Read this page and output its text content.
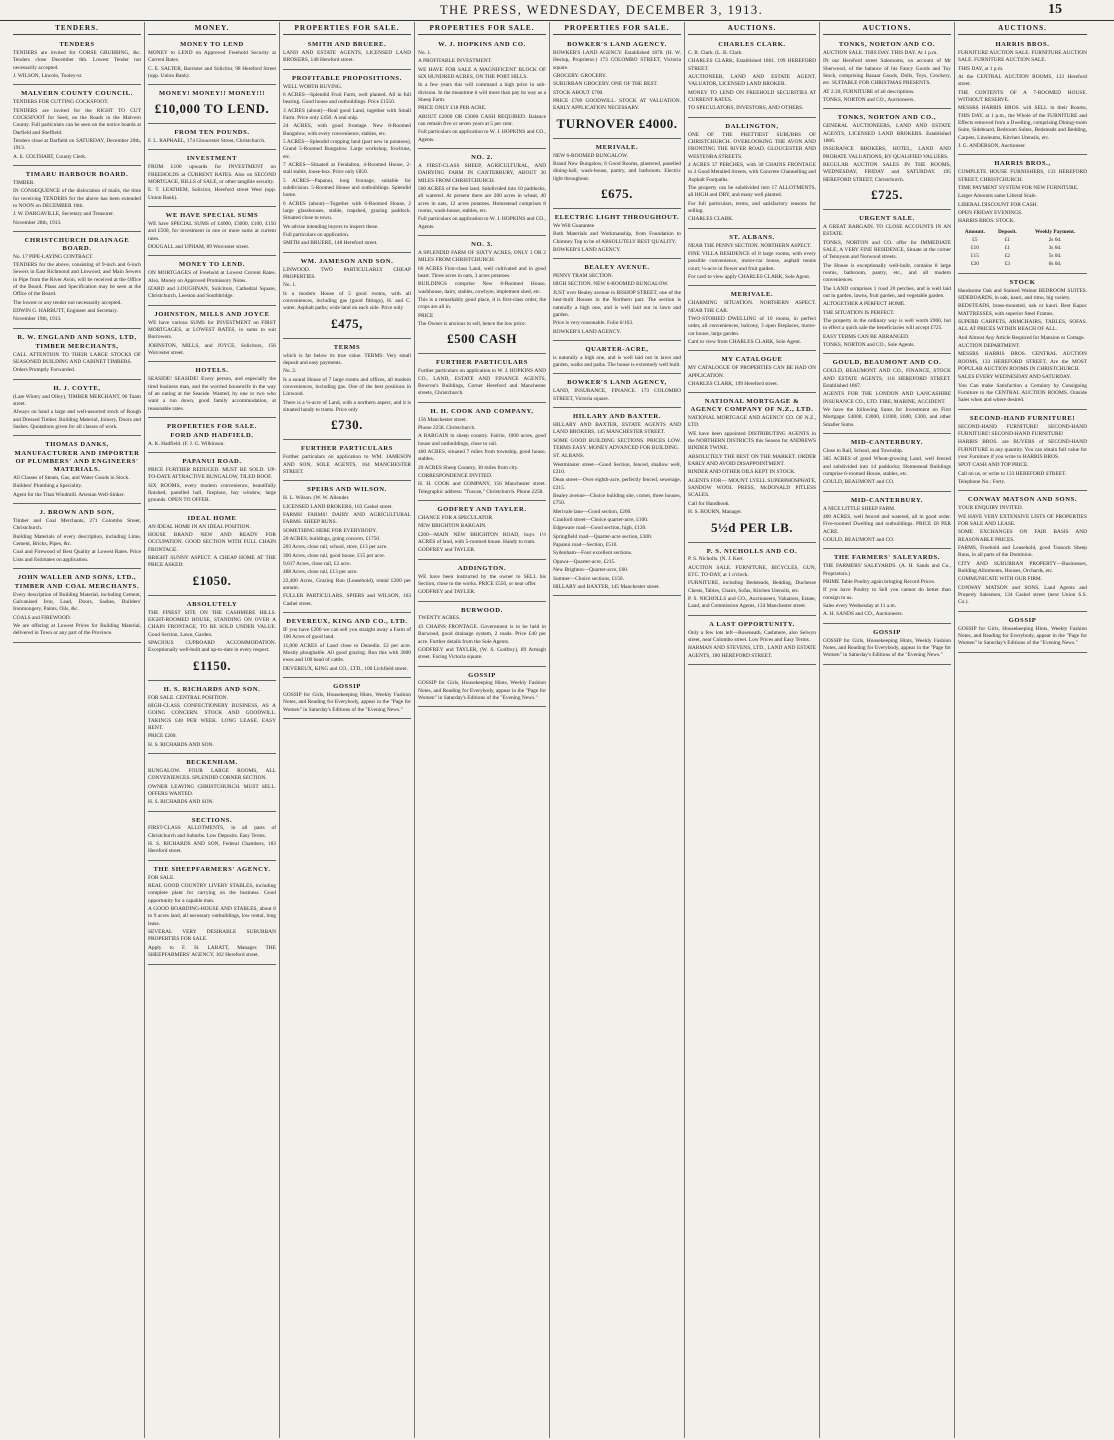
THE PRESS, WEDNESDAY, DECEMBER 3, 1913.	15
TENDERS.
TENDERS

TENDERS are invited for GORSE GRUBBING, &c. Tenders close December 8th. Lowest Tender not necessarily accepted.

J. WILSON, Lincoln, Tooley-st.

MALVERN COUNTY COUNCIL.

TENDERS FOR CUTTING COCKSFOOT.

TENDERS are invited for the RIGHT TO CUT COCKSFOOT for Seed, on the Roads in the Malvern County. Full particulars can be seen on the notice boards at Darfield and Sheffield.

Tenders close at Darfield on SATURDAY, December 20th, 1913.

A. E. COLTHART, County Clerk.

TIMARU HARBOUR BOARD.

TIMBER.

IN CONSEQUENCE of the dislocation of mails, the time for receiving TENDERS for the above has been extended to NOON on DECEMBER 10th.

J. W. DARGAVILLE, Secretary and Treasurer.

November 28th, 1913.

CHRISTCHURCH DRAINAGE BOARD.

No. 17 PIPE-LAYING CONTRACT.

TENDERS for the above, consisting of 9-inch and 6-inch Sewers in East Richmond and Linwood, and Main Sewers in Pipe from the River Avon, will be received at the Office of the Board. Plans and Specification may be seen at the Office of the Board.

The lowest or any tender not necessarily accepted.

EDWIN G. HARBUTT, Engineer and Secretary.

November 19th, 1913.

R. W. ENGLAND AND SONS, LTD,
TIMBER MERCHANTS,

CALL ATTENTION TO THEIR LARGE STOCKS OF SEASONED BUILDING AND CABINET TIMBERS.

Orders Promptly Forwarded.

H. J. COYTE,

(Late Wintry and Olley), TIMBER MERCHANT, 96 Tuam street.

Always on hand a large and well-assorted stock of Rough and Dressed Timber. Building Material, Joinery, Doors and Sashes. Quotations given for all classes of work.

THOMAS DANKS,
MANUFACTURER AND IMPORTER OF PLUMBERS' AND ENGINEERS' MATERIALS.

All Classes of Steam, Gas, and Water Goods in Stock.

Builders' Plumbing a Speciality.

Agent for the Titan Windmill. Artesian Well-Sinker.

J. BROWN AND SON,

Timber and Coal Merchants, 271 Colombo Street, Christchurch.

Building Materials of every description, including Lime, Cement, Bricks, Pipes, &c.

Coal and Firewood of Best Quality at Lowest Rates. Price Lists and Estimates on application.

JOHN WALLER AND SONS, LTD.,
TIMBER AND COAL MERCHANTS.

Every description of Building Material, including Cement, Galvanised Iron, Lead, Doors, Sashes, Builders' Ironmongery, Paints, Oils, &c.

COALS and FIREWOOD.

We are offering at Lowest Prices for Building Material, delivered in Town or any part of the Province.

MONEY.
MONEY TO LEND

MONEY to LEND on Approved Freehold Security at Current Rates.

C. E. SALTER, Barrister and Solicitor, 98 Hereford Street (opp. Union Bank).

MONEY! MONEY!! MONEY!!!
£10,000 TO LEND.
FROM TEN POUNDS.

F. L. RAPHAEL, 174 Gloucester Street, Christchurch.

INVESTMENT

FROM £100 upwards for INVESTMENT on FREEHOLDS at CURRENT RATES. Also on SECOND MORTGAGE, BILLS of SALE, or other tangible security.

E. T. LEATHEM, Solicitor, Hereford street West (opp. Union Bank).

WE HAVE SPECIAL SUMS

WE have SPECIAL SUMS of £4000, £3000, £100, £150 and £500, for investment in one or more sums at current rates.

DOUGALL and UPHAM, 89 Worcester street.

MONEY TO LEND.

ON MORTGAGES of Freehold at Lowest Current Rates. Also, Money on Approved Promissory Notes.

IZARD and LOUGHNAN, Solicitors, Cathedral Square, Christchurch, Leeston and Southbridge.

JOHNSTON, MILLS AND JOYCE

WE have various SUMS for INVESTMENT on FIRST MORTGAGES, at LOWEST RATES, in sums to suit Borrowers.

JOHNSTON, MILLS, and JOYCE, Solicitors, 156 Worcester street.

HOTELS.

SEASIDE! SEASIDE! Every person, and especially the tired business man, and the worried housewife in the way of an outing at the Seaside. Wanted, by one or two who want a run down, good family accommodation, at reasonable rates.

PROPERTIES FOR SALE.
FORD AND HADFIELD.

A. K. Hadfield. (F. J. G. Wilkinson.

PAPANUI ROAD.

PRICE FURTHER REDUCED. MUST BE SOLD. UP-TO-DATE ATTRACTIVE BUNGALOW, TILED ROOF.

SIX ROOMS, every modern convenience, beautifully finished, panelled hall, fireplace, bay window, large grounds. OPEN TO OFFER.

IDEAL HOME

AN IDEAL HOME IN AN IDEAL POSITION.

HOUSE BRAND NEW AND READY FOR OCCUPATION. GOOD SECTION WITH FULL CHAIN FRONTAGE.

BRIGHT SUNNY ASPECT. A CHEAP HOME AT THE PRICE ASKED:

£1050.
ABSOLUTELY

THE FINEST SITE ON THE CASHMERE HILLS. EIGHT-ROOMED HOUSE, STANDING ON OVER A CHAIN FRONTAGE, TO BE SOLD UNDER VALUE. Good Section, Lawn, Garden.

SPACIOUS CUPBOARD ACCOMMODATION. Exceptionally well-built and up-to-date in every respect.

£1150.
H. S. RICHARDS AND SON.

FOR SALE. CENTRAL POSITION.

HIGH-CLASS CONFECTIONERY BUSINESS, AS A GOING CONCERN. STOCK AND GOODWILL. TAKINGS £40 PER WEEK. LONG LEASE. EASY RENT.

PRICE £200.

H. S. RICHARDS AND SON.

BECKENHAM.

BUNGALOW. FOUR LARGE ROOMS, ALL CONVENIENCES. SPLENDID CORNER SECTION.

OWNER LEAVING CHRISTCHURCH. MUST SELL. OFFERS WANTED.

H. S. RICHARDS AND SON.

SECTIONS.

FIRST-CLASS ALLOTMENTS, in all parts of Christchurch and Suburbs. Low Deposits. Easy Terms.

H. S. RICHARDS AND SON, Federal Chambers, 183 Hereford street.

THE SHEEPFARMERS' AGENCY.

FOR SALE.

REAL GOOD COUNTRY LIVERY STABLES, including complete plant for carrying on the business. Good opportunity for a capable man.

A GOOD BOARDING-HOUSE AND STABLES, about 8 to 9 acres land, all necessary outbuildings, low rental, long lease.

SEVERAL VERY DESIRABLE SUBURBAN PROPERTIES FOR SALE.

Apply to F. H. LABATT, Manager. THE SHEEPFARMERS' AGENCY, 102 Hereford street.

PROPERTIES FOR SALE.
SMITH AND BRUERE.

LAND AND ESTATE AGENTS, LICENSED LAND BROKERS, 148 Hereford street.

PROFITABLE PROPOSITIONS.

WELL WORTH BUYING.

6 ACRES—Splendid Fruit Farm, well planted. All in full bearing. Good house and outbuildings. Price £1550.

3 ACRES (about)—Real good Land, together with Small Farm. Price only £450. A real snip.

24 ACRES, with good frontage. New 8-Roomed Bungalow, with every convenience, stables, etc.

5 ACRES—Splendid cropping land (part new in potatoes), Grand 5-Roomed Bungalow. Large workshop, fowlruns, etc.

7 ACRES—Situated at Fendalton, 4-Roomed House, 2-stall stable, loose-box. Price only £850.

5 ACRES—Papanui, long frontage, suitable for subdivision. 5-Roomed House and outbuildings. Splendid home.

6 ACRES (about)—Together with 6-Roomed House, 2 large glasshouses, stable, trapshed, grazing paddock. Situated close to town.

We advise intending buyers to inspect these.

Full particulars on application.

SMITH and BRUERE, 148 Hereford street.

WM. JAMESON AND SON.

LINWOOD. TWO PARTICULARLY CHEAP PROPERTIES.

No. 1.

Is a modern House of 5 good rooms, with all conveniences, including gas (good fittings), H. and C. water. Asphalt paths; wide land on each side. Price only

£475,
TERMS

which is far below its true value. TERMS: Very small deposit and easy payments.

No. 2.

Is a sound House of 7 large rooms and offices, all modern conveniences, including gas. One of the best positions in Linwood.

There is a ¼-acre of Land, with a northern aspect, and it is situated handy to trams. Price only

£730.
FURTHER PARTICULARS

Further particulars on application to WM. JAMESON AND SON, SOLE AGENTS, 164 MANCHESTER STREET.

SPEIRS AND WILSON.

H. L. Wilson. (W. W. Allender.

LICENSED LAND BROKERS, 163 Cashel street.

FARMS! FARMS! DAIRY AND AGRICULTURAL FARMS. SHEEP RUNS.

SOMETHING HERE FOR EVERYBODY.

20 ACRES, buildings, going concern, £1750.

203 Acres, close rail, school, store, £13 per acre.

300 Acres, close rail, good house, £15 per acre.

9,617 Acres, close rail, £2 acre.

488 Acres, close rail, £13 per acre.

22,400 Acres, Grazing Run (Leasehold), rental £200 per annum.

FULLER PARTICULARS, SPIERS and WILSON, 163 Cashel street.

DEVEREUX, KING AND CO., LTD.

IF you have £200 we can sell you straight away a Farm of 100 Acres of good land.

11,000 ACRES of Land close to Dunedin. £2 per acre. Mostly ploughable. All good grazing. Run this with 3000 ewes and 100 head of cattle.

DEVEREUX, KING and CO., LTD., 100 Lichfield street.

GOSSIP

GOSSIP for Girls, Housekeeping Hints, Weekly Fashion Notes, and Reading for Everybody, appear in the "Page for Women" in Saturday's Editions of the "Evening News."

PROPERTIES FOR SALE.
W. J. HOPKINS AND CO.

No. 1.

A PROFITABLE INVESTMENT.

WE HAVE FOR SALE A MAGNIFICENT BLOCK OF SIX HUNDRED ACRES, ON THE PORT HILLS.

In a few years this will command a high price in sub-division. In the meantime it will more than pay its way as a Sheep Farm.

PRICE ONLY £18 PER ACRE.

ABOUT £2000 OR £3000 CASH REQUIRED. Balance can remain five or seven years at 5 per cent.

Full particulars on application to W. J. HOPKINS and CO., Agents.

NO. 2.

A FIRST-CLASS SHEEP, AGRICULTURAL, AND DAIRYING FARM IN CANTERBURY, ABOUT 30 MILES FROM CHRISTCHURCH.

500 ACRES of the best land. Subdivided into 10 paddocks, all watered. At present there are 200 acres in wheat, 40 acres in oats, 12 acres potatoes. Homestead comprises 8 rooms, wash-house, stables, etc.

Full particulars on application to W. J. HOPKINS and CO., Agents.

NO. 3.

A SPLENDID FARM OF SIXTY ACRES, ONLY 1 OR 2 MILES FROM CHRISTCHURCH.

60 ACRES First-class Land, well cultivated and in good heart. Three acres in oats, 3 acres potatoes.

BUILDINGS comprise New 8-Roomed House, washhouse, dairy, stables, cowbyre, implement shed, etc.

This is a remarkably good place, it is first-class order, the crops are all in.

PRICE

The Owner is anxious to sell, hence the low price.

£500 CASH
FURTHER PARTICULARS

Further particulars on application to W. J. HOPKINS AND CO., LAND, ESTATE AND FINANCE AGENTS, Bowron's Buildings, Corner Hereford and Manchester streets, Christchurch.

H. H. COOK AND COMPANY,

156 Manchester street.

Phone 2258. Christchurch.

A BARGAIN in sheep country. Fairlie, 1000 acres, good house and outbuildings, close to rail.

400 ACRES, situated 7 miles from township, good house, stables.

20 ACRES Sheep Country, 30 miles from city.

CORRESPONDENCE INVITED.

H. H. COOK and COMPANY, 156 Manchester street. Telegraphic address: "Tuscan," Christchurch. Phone 2258.

GODFREY AND TAYLER.

CHANCE FOR A SPECULATOR.

NEW BRIGHTON BARGAIN.

£200—MAIN NEW BRIGHTON ROAD, buys 1½ ACRES of land, with 5-roomed house. Handy to tram.

GODFREY and TAYLER.

ADDINGTON.

WE have been instructed by the owner to SELL his Section, close to the works. PRICE £550, or near offer.

GODFREY and TAYLER.

BURWOOD.

TWENTY ACRES.

43 CHAINS FRONTAGE. Government is to be held in Burwood, good drainage system, 2 roads. Price £40 per acre. Further details from the Sole Agents.

GODFREY and TAYLER, (W. S. Godfrey), 89 Armagh street. Facing Victoria square.

GOSSIP

GOSSIP for Girls, Housekeeping Hints, Weekly Fashion Notes, and Reading for Everybody, appear in the "Page for Women" in Saturday's Editions of the "Evening News."

PROPERTIES FOR SALE.
BOWKER'S LAND AGENCY.

BOWKER'S LAND AGENCY. Established 1878. (H. W. Heslop, Proprietor.) 173 COLOMBO STREET, Victoria square.

GROCERY. GROCERY.

SUBURBAN GROCERY. ONE OF THE BEST.

STOCK ABOUT £700.

PRICE £700 GOODWILL. STOCK AT VALUATION. EARLY APPLICATION NECESSARY.

TURNOVER £4000.
MERIVALE.

NEW 6-ROOMED BUNGALOW.

Brand New Bungalow, 6 Good Rooms, plastered, panelled dining-hall, wash-house, pantry, and bathroom. Electric light throughout.

£675.
ELECTRIC LIGHT THROUGHOUT.

We Will Guarantee

Both Materials and Workmanship, from Foundation to Chimney Top to be of ABSOLUTELY BEST QUALITY.

BOWKER'S LAND AGENCY.

BEALEY AVENUE.

PENNY TRAM SECTION.

HIGH SECTION. NEW 6-ROOMED BUNGALOW.

JUST over Bealey avenue in BISHOP STREET, one of the best-built Houses in the Northern part. The section is naturally a high one, and is well laid out in lawn and garden.

Price is very reasonable. Folio 6/163.

BOWKER'S LAND AGENCY.

QUARTER-ACRE,

is naturally a high one, and is well laid out in lawn and garden, walks and paths. The house is extremely well built.

BOWKER'S LAND AGENCY,

LAND, INSURANCE, FINANCE. 173 COLOMBO STREET, Victoria square.

HILLARY AND BAXTER.

HILLARY AND BAXTER, ESTATE AGENTS AND LAND BROKERS, 145 MANCHESTER STREET.

SOME GOOD BUILDING SECTIONS. PRICES LOW. TERMS EASY. MONEY ADVANCED FOR BUILDING.

ST. ALBANS.

Westminster street—Good Section, fenced, shallow well, £210.

Dean street—Over eighth-acre, perfectly fenced, sewerage, £215.

Bealey avenue—Choice building site, corner, three houses, £750.

Merivale lane—Good section, £260.

Cranford street—Choice quarter-acre, £100.

Edgeware road—Good section, high, £120.

Springfield road—Quarter-acre section, £300.

Papanui road—Section, £510.

Sydenham—Four excellent sections.

Opawa—Quarter-acre, £215.

New Brighton—Quarter-acre, £60.

Sumner—Choice sections, £150.

HILLARY and BAXTER, 145 Manchester street.

AUCTIONS.
CHARLES CLARK.

C. R. Clark. (L. B. Clark.

CHARLES CLARK, Established 1861. 199 HEREFORD STREET.

AUCTIONEER, LAND AND ESTATE AGENT, VALUATOR, LICENSED LAND BROKER.

MONEY TO LEND ON FREEHOLD SECURITIES AT CURRENT RATES.

TO SPECULATORS, INVESTORS, AND OTHERS.

DALLINGTON,

ONE OF THE PRETTIEST SUBURBS OF CHRISTCHURCH. OVERLOOKING THE AVON AND FRONTING THE RIVER ROAD, GLOUCESTER AND WESTENRA STREETS.

4 ACRES 37 PERCHES, with 30 CHAINS FRONTAGE to 3 Good Metalled Streets, with Concrete Channelling and Asphalt Footpaths.

The property can be subdivided into 17 ALLOTMENTS, all HIGH and DRY, and many well planted.

For full particulars, terms, and satisfactory reasons for selling.

CHARLES CLARK.

ST. ALBANS.

NEAR THE PENNY SECTION. NORTHERN ASPECT.

FINE VILLA RESIDENCE of 8 large rooms, with every possible convenience, motor-car house, asphalt tennis court; ¼-acre in flower and fruit garden.

For card to view apply CHARLES CLARK, Sole Agent.

MERIVALE.

CHARMING SITUATION. NORTHERN ASPECT. NEAR THE CAR.

TWO-STORIED DWELLING of 10 rooms, in perfect order, all conveniences, balcony, 3 open fireplaces, motor-car house, large garden.

Card to view from CHARLES CLARK, Sole Agent.

MY CATALOGUE

MY CATALOGUE OF PROPERTIES CAN BE HAD ON APPLICATION.

CHARLES CLARK, 199 Hereford street.

NATIONAL MORTGAGE & AGENCY COMPANY OF N.Z., LTD.

NATIONAL MORTGAGE AND AGENCY CO. OF N.Z., LTD.

WE have been appointed DISTRIBUTING AGENTS in the NORTHERN DISTRICTS this Season for ANDREWS BINDER TWINE.

ABSOLUTELY THE BEST ON THE MARKET. ORDER EARLY AND AVOID DISAPPOINTMENT.

BINDER AND OTHER OILS KEPT IN STOCK.

AGENTS FOR— MOUNT LYELL SUPERPHOSPHATE, SANDOW WOOL PRESS, McDONALD PITLESS SCALES.

Call for Handbook.

H. S. BOURN, Manager.

5½d PER LB.
P. S. NICHOLLS AND CO.

P. S. Nicholls. (N. J. Kerr.

AUCTION SALE. FURNITURE, BICYCLES, GUN, ETC. TO-DAY, at 1 o'clock.

FURNITURE, including Bedsteads, Bedding, Duchesse Chests, Tables, Chairs, Sofas, Kitchen Utensils, etc.

P. S. NICHOLLS and CO., Auctioneers, Valuators, Estate, Land, and Commission Agents, 134 Manchester street.

A LAST OPPORTUNITY.

Only a few lots left—Roseneath, Cashmere, also Selwyn street, near Colombo street. Low Prices and Easy Terms.

HARMAN AND STEVENS, LTD., LAND AND ESTATE AGENTS, 180 HEREFORD STREET.

AUCTIONS.
TONKS, NORTON AND CO.

AUCTION SALE. THIS DAY. THIS DAY. At 1 p.m.

IN our Hereford street Salerooms, on account of Mr Sherwood, of the balance of his Fancy Goods and Toy Stock, comprising Bazaar Goods, Dolls, Toys, Crockery, etc. SUITABLE FOR CHRISTMAS PRESENTS.

AT 2.30, FURNITURE of all descriptions.

TONKS, NORTON and CO., Auctioneers.

TONKS, NORTON AND CO.,

GENERAL AUCTIONEERS, LAND AND ESTATE AGENTS, LICENSED LAND BROKERS. Established 1866.

INSURANCE BROKERS, HOTEL, LAND AND PROBATE VALUATIONS, BY QUALIFIED VALUERS.

REGULAR AUCTION SALES IN THE ROOMS, WEDNESDAY, FRIDAY and SATURDAY. 195 HEREFORD STREET, Christchurch.

£725.
URGENT SALE.

A GREAT BARGAIN. TO CLOSE ACCOUNTS IN AN ESTATE.

TONKS, NORTON and CO. offer for IMMEDIATE SALE, A VERY FINE RESIDENCE, Situate at the corner of Tennyson and Norwood streets.

The House is exceptionally well-built, contains 8 large rooms, bathroom, pantry, etc., and all modern conveniences.

The LAND comprises 1 rood 20 perches, and is well laid out in garden, lawns, fruit garden, and vegetable garden.

ALTOGETHER A PERFECT HOME.

THE SITUATION IS PERFECT.

The property in the ordinary way is well worth £900, but to effect a quick sale the beneficiaries will accept £725.

EASY TERMS CAN BE ARRANGED.

TONKS, NORTON and CO., Sole Agents.

GOULD, BEAUMONT AND CO.

GOULD, BEAUMONT AND CO., FINANCE, STOCK AND ESTATE AGENTS, 118 HEREFORD STREET. Established 1867.

AGENTS FOR THE LONDON AND LANCASHIRE INSURANCE CO., LTD. FIRE, MARINE, ACCIDENT.

We have the following Sums for Investment on First Mortgage: £4000, £3000, £1000, £600, £300, and other Smaller Sums.

MID-CANTERBURY.

Close to Rail, School, and Township.

385 ACRES of good Wheat-growing Land, well fenced and subdivided into 14 paddocks; Homestead Buildings comprise 6-roomed House, stables, etc.

GOULD, BEAUMONT and CO.

MID-CANTERBURY.

A NICE LITTLE SHEEP FARM.

400 ACRES, well fenced and watered, all in good order. Five-roomed Dwelling and outbuildings. PRICE £8 PER ACRE.

GOULD, BEAUMONT and CO.

THE FARMERS' SALEYARDS.

THE FARMERS' SALEYARDS. (A. H. Sands and Co., Proprietors.)

PRIME Table Poultry again bringing Record Prices.

If you have Poultry to Sell you cannot do better than consign to us.

Sales every Wednesday at 11 a.m.

A. H. SANDS and CO., Auctioneers.

GOSSIP

GOSSIP for Girls, Housekeeping Hints, Weekly Fashion Notes, and Reading for Everybody, appear in the "Page for Women" in Saturday's Editions of the "Evening News."

AUCTIONS.
HARRIS BROS.

FURNITURE AUCTION SALE. FURNITURE AUCTION SALE. FURNITURE AUCTION SALE.

THIS DAY, at 1 p.m.

At the CENTRAL AUCTION ROOMS, 133 Hereford street.

THE CONTENTS OF A 7-ROOMED HOUSE. WITHOUT RESERVE.

MESSRS HARRIS BROS. will SELL in their Rooms, THIS DAY, at 1 p.m., the Whole of the FURNITURE and Effects removed from a Dwelling, comprising Dining-room Suite, Sideboard, Bedroom Suites, Bedsteads and Bedding, Carpets, Linoleums, Kitchen Utensils, etc.

J. G. ANDERSON, Auctioneer.

HARRIS BROS.,

COMPLETE HOUSE FURNISHERS, 133 HEREFORD STREET, CHRISTCHURCH.

TIME PAYMENT SYSTEM FOR NEW FURNITURE.

Larger Amounts same Liberal Scale.

LIBERAL DISCOUNT FOR CASH.

OPEN FRIDAY EVENINGS.

HARRIS BROS. STOCK.

Amount.	Deposit.	Weekly Payment.
£5	£1	2s 6d.
£10	£1	3s 6d.
£15	£2	5s 0d.
£20	£3	6s 0d.
STOCK

Handsome Oak and Stained Walnut BEDROOM SUITES. SIDEBOARDS, in oak, kauri, and rimu, big variety.

BEDSTEADS, brass-mounted, oak or kauri. Best Kapoc MATTRESSES, with superior Steel Frames.

SUPERB CARPETS, ARMCHAIRS, TABLES, SOFAS. ALL AT PRICES WITHIN REACH OF ALL.

And Almost Any Article Required for Mansion or Cottage.

AUCTION DEPARTMENT.

MESSRS HARRIS BROS. CENTRAL AUCTION ROOMS, 133 HEREFORD STREET, Are the MOST POPULAR AUCTION ROOMS IN CHRISTCHURCH.

SALES EVERY WEDNESDAY AND SATURDAY.

You Can make Satisfaction a Certainty by Consigning Furniture to the CENTRAL AUCTION ROOMS. Outside Sales when and where desired.

SECOND-HAND FURNITURE!

SECOND-HAND FURNITURE! SECOND-HAND FURNITURE! SECOND-HAND FURNITURE!

HARRIS BROS. are BUYERS of SECOND-HAND FURNITURE in any quantity. You can obtain full value for your Furniture if you write to HARRIS BROS.

SPOT CASH AND TOP PRICE.

Call on us, or write to 133 HEREFORD STREET.

Telephone No.: Forty.

CONWAY MATSON AND SONS.

YOUR ENQUIRY INVITED.

WE HAVE VERY EXTENSIVE LISTS OF PROPERTIES FOR SALE AND LEASE.

SOME EXCHANGES ON FAIR BASIS AND REASONABLE PRICES.

FARMS, Freehold and Leasehold, good Tussock Sheep Runs, in all parts of the Dominion.

CITY AND SUBURBAN PROPERTY—Businesses, Building Allotments, Houses, Orchards, etc.

COMMUNICATE WITH OUR FIRM.

CONWAY MATSON and SONS, Land Agents and Property Salesmen, 124 Cashel street (next Union S.S. Co.).

GOSSIP

GOSSIP for Girls, Housekeeping Hints, Weekly Fashion Notes, and Reading for Everybody, appear in the "Page for Women" in Saturday's Editions of the "Evening News."
